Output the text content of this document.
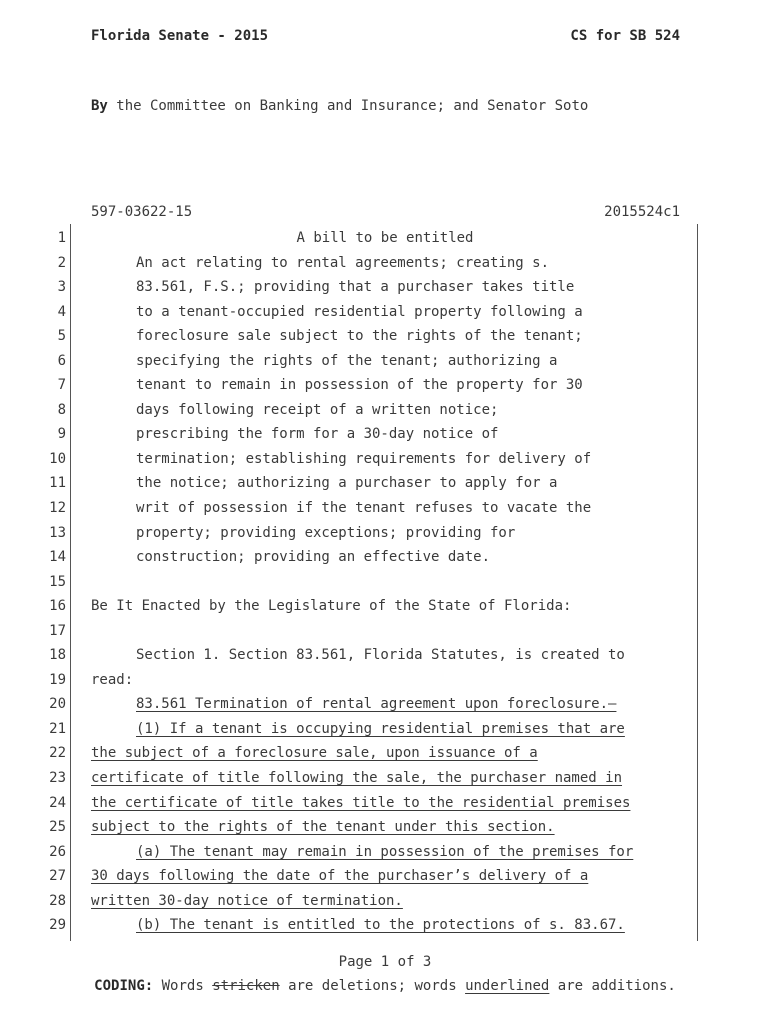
Florida Senate - 2015	CS for SB 524
By the Committee on Banking and Insurance; and Senator Soto
597-03622-15	2015524c1
1	A bill to be entitled
2	An act relating to rental agreements; creating s.
3	83.561, F.S.; providing that a purchaser takes title
4	to a tenant-occupied residential property following a
5	foreclosure sale subject to the rights of the tenant;
6	specifying the rights of the tenant; authorizing a
7	tenant to remain in possession of the property for 30
8	days following receipt of a written notice;
9	prescribing the form for a 30-day notice of
10	termination; establishing requirements for delivery of
11	the notice; authorizing a purchaser to apply for a
12	writ of possession if the tenant refuses to vacate the
13	property; providing exceptions; providing for
14	construction; providing an effective date.
15
16 Be It Enacted by the Legislature of the State of Florida:
17
18	Section 1. Section 83.561, Florida Statutes, is created to
19 read:
20	83.561 Termination of rental agreement upon foreclosure.—
21	(1) If a tenant is occupying residential premises that are
22 the subject of a foreclosure sale, upon issuance of a
23 certificate of title following the sale, the purchaser named in
24 the certificate of title takes title to the residential premises
25 subject to the rights of the tenant under this section.
26	(a) The tenant may remain in possession of the premises for
27 30 days following the date of the purchaser’s delivery of a
28 written 30-day notice of termination.
29	(b) The tenant is entitled to the protections of s. 83.67.
Page 1 of 3
CODING: Words stricken are deletions; words underlined are additions.
